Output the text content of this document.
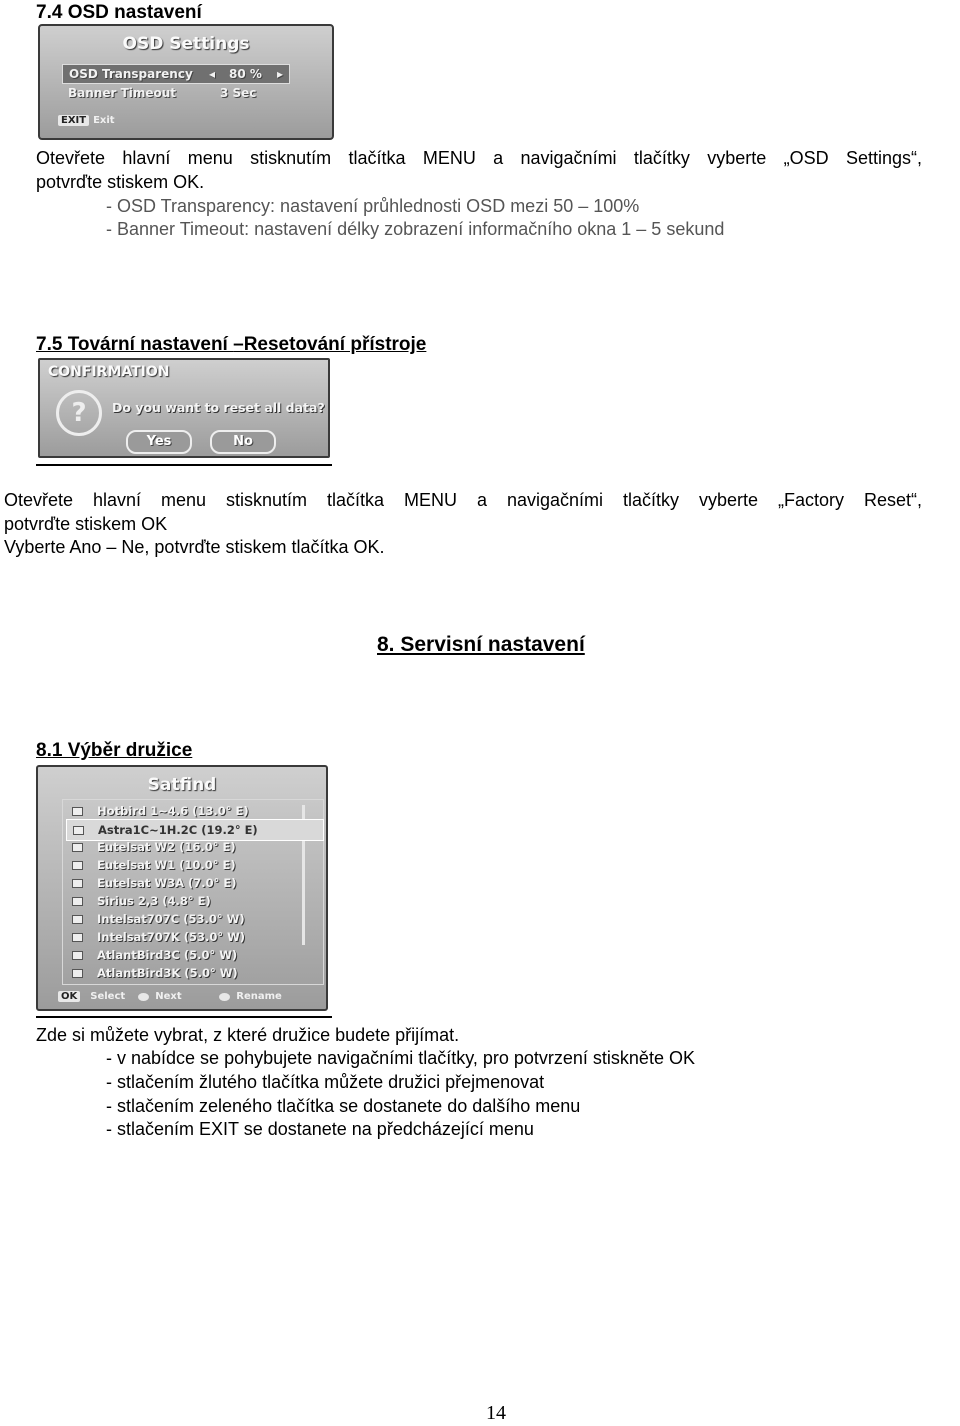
7.4 OSD nastavení
OSD Settings
OSD Transparency	◂ 80 %	▸
Banner Timeout	3 Sec
EXIT Exit
Otevřete hlavní menu stisknutím tlačítka MENU a navigačními tlačítky vyberte „OSD Settings“,
potvrďte stiskem OK.
- OSD Transparency: nastavení průhlednosti OSD mezi 50 – 100%
- Banner Timeout: nastavení délky zobrazení informačního okna 1 – 5 sekund
7.5 Tovární nastavení –Resetování přístroje
CONFIRMATION
?	Do you want to reset all data?
Yes	No
Otevřete hlavní menu stisknutím tlačítka MENU a navigačními tlačítky vyberte „Factory Reset“,
potvrďte stiskem OK
Vyberte Ano – Ne, potvrďte stiskem tlačítka OK.
8. Servisní nastavení
8.1 Výběr družice
Satfind
Hotbird 1~4.6 (13.0° E)
Astra1C~1H.2C (19.2° E)
Eutelsat W2 (16.0° E)
Eutelsat W1 (10.0° E)
Eutelsat W3A (7.0° E)
Sirius 2,3 (4.8° E)
Intelsat707C (53.0° W)
Intelsat707K (53.0° W)
AtlantBird3C (5.0° W)
AtlantBird3K (5.0° W)
OK	Select	Next	Rename
Zde si můžete vybrat, z které družice budete přijímat.
- v nabídce se pohybujete navigačními tlačítky, pro potvrzení stiskněte OK
- stlačením žlutého tlačítka můžete družici přejmenovat
- stlačením zeleného tlačítka se dostanete do dalšího menu
- stlačením EXIT se dostanete na předcházející menu
14
